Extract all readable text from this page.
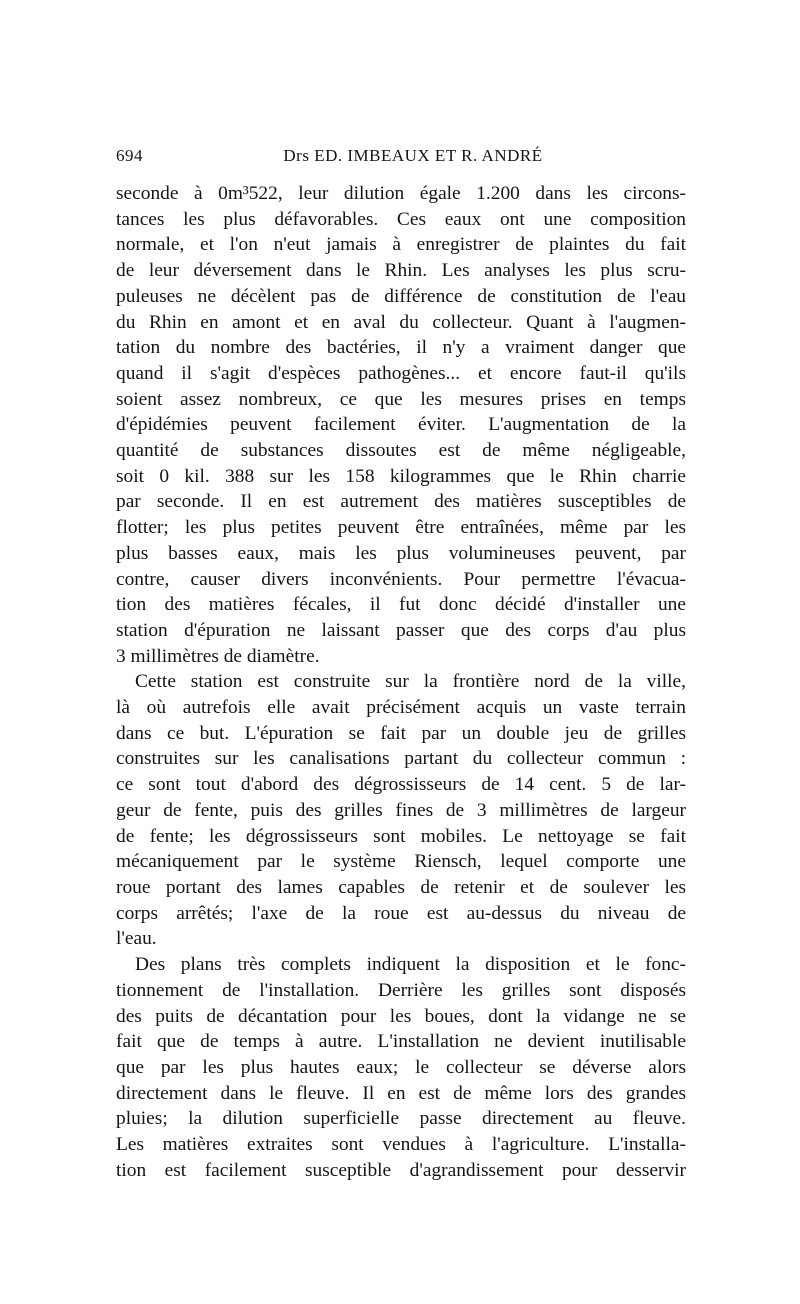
694	Drs ED. IMBEAUX ET R. ANDRÉ
seconde à 0m³522, leur dilution égale 1.200 dans les circons-
tances les plus défavorables. Ces eaux ont une composition
normale, et l'on n'eut jamais à enregistrer de plaintes du fait
de leur déversement dans le Rhin. Les analyses les plus scru-
puleuses ne décèlent pas de différence de constitution de l'eau
du Rhin en amont et en aval du collecteur. Quant à l'augmen-
tation du nombre des bactéries, il n'y a vraiment danger que
quand il s'agit d'espèces pathogènes... et encore faut-il qu'ils
soient assez nombreux, ce que les mesures prises en temps
d'épidémies peuvent facilement éviter. L'augmentation de la
quantité de substances dissoutes est de même négligeable,
soit 0 kil. 388 sur les 158 kilogrammes que le Rhin charrie
par seconde. Il en est autrement des matières susceptibles de
flotter; les plus petites peuvent être entraînées, même par les
plus basses eaux, mais les plus volumineuses peuvent, par
contre, causer divers inconvénients. Pour permettre l'évacua-
tion des matières fécales, il fut donc décidé d'installer une
station d'épuration ne laissant passer que des corps d'au plus
3 millimètres de diamètre.
Cette station est construite sur la frontière nord de la ville,
là où autrefois elle avait précisément acquis un vaste terrain
dans ce but. L'épuration se fait par un double jeu de grilles
construites sur les canalisations partant du collecteur commun :
ce sont tout d'abord des dégrossisseurs de 14 cent. 5 de lar-
geur de fente, puis des grilles fines de 3 millimètres de largeur
de fente; les dégrossisseurs sont mobiles. Le nettoyage se fait
mécaniquement par le système Riensch, lequel comporte une
roue portant des lames capables de retenir et de soulever les
corps arrêtés; l'axe de la roue est au-dessus du niveau de
l'eau.
Des plans très complets indiquent la disposition et le fonc-
tionnement de l'installation. Derrière les grilles sont disposés
des puits de décantation pour les boues, dont la vidange ne se
fait que de temps à autre. L'installation ne devient inutilisable
que par les plus hautes eaux; le collecteur se déverse alors
directement dans le fleuve. Il en est de même lors des grandes
pluies; la dilution superficielle passe directement au fleuve.
Les matières extraites sont vendues à l'agriculture. L'installa-
tion est facilement susceptible d'agrandissement pour desservir
